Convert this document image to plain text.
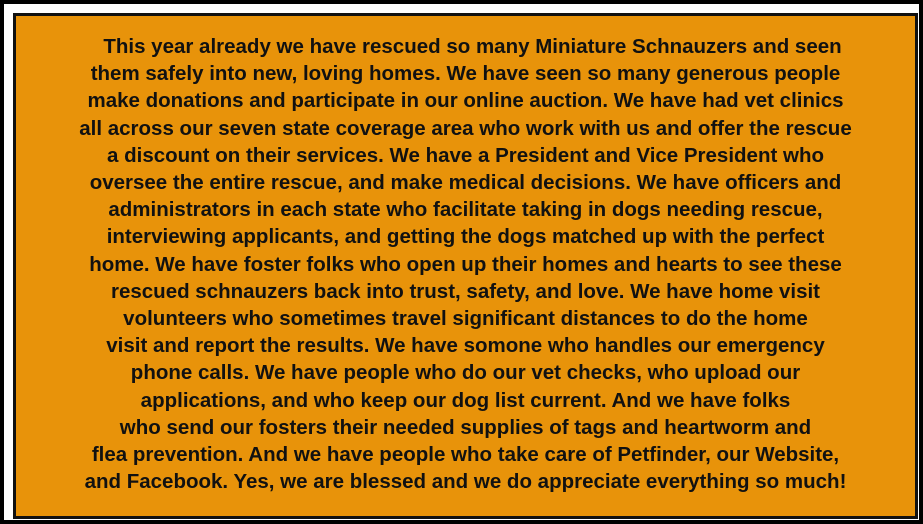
This year already we have rescued so many Miniature Schnauzers and seen
them safely into new, loving homes. We have seen so many generous people
make donations and participate in our online auction. We have had vet clinics
all across our seven state coverage area who work with us and offer the rescue
a discount on their services. We have a President and Vice President who
oversee the entire rescue, and make medical decisions. We have officers and
administrators in each state who facilitate taking in dogs needing rescue,
interviewing applicants, and getting the dogs matched up with the perfect
home. We have foster folks who open up their homes and hearts to see these
rescued schnauzers back into trust, safety, and love. We have home visit
volunteers who sometimes travel significant distances to do the home
visit and report the results. We have somone who handles our emergency
phone calls. We have people who do our vet checks, who upload our
applications, and who keep our dog list current. And we have folks
who send our fosters their needed supplies of tags and heartworm and
flea prevention. And we have people who take care of Petfinder, our Website,
and Facebook. Yes, we are blessed and we do appreciate everything so much!
